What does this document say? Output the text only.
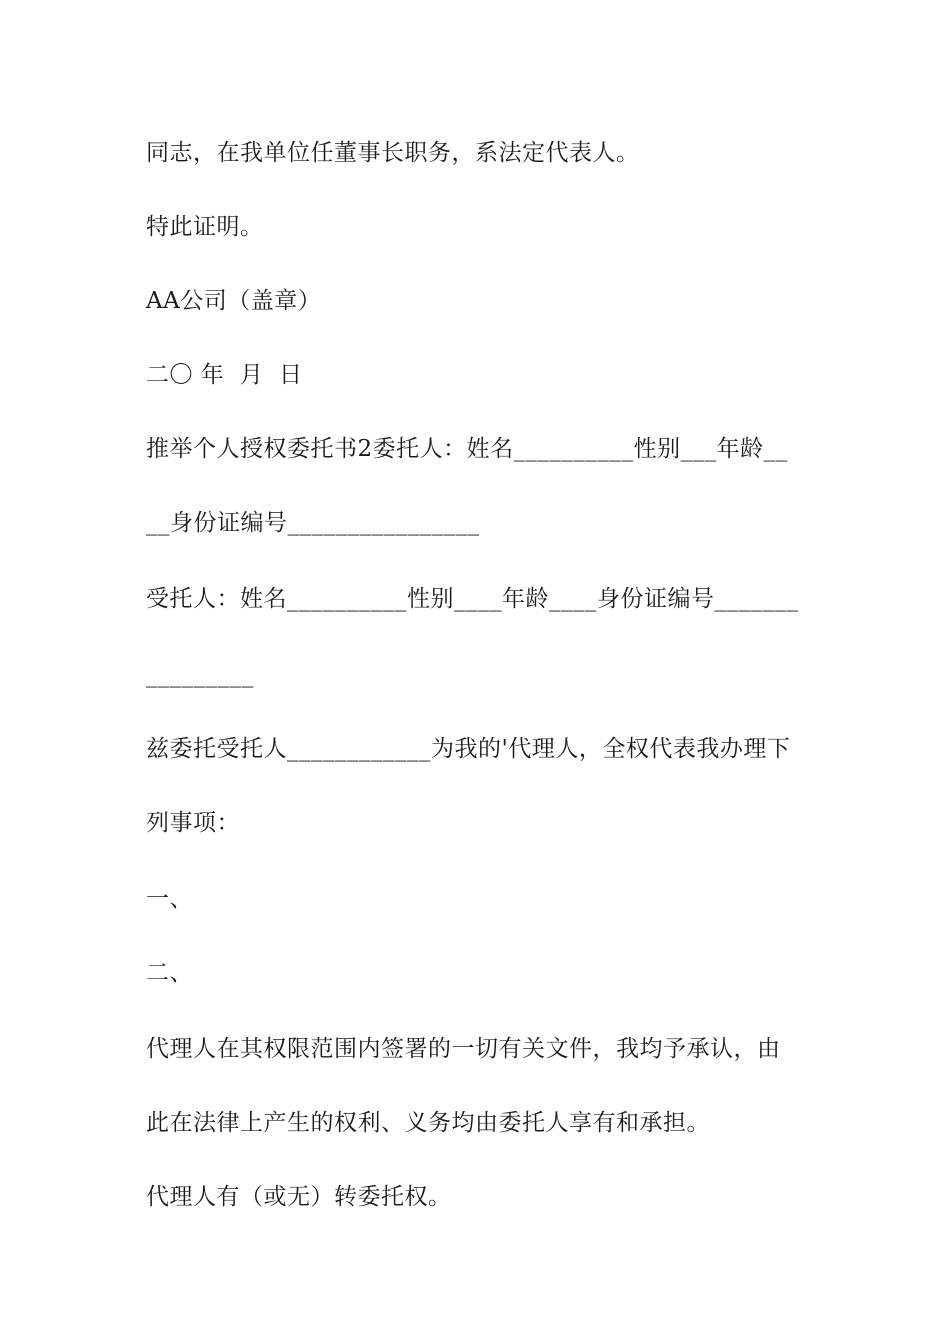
同志，在我单位任董事长职务，系法定代表人。
特此证明。
AA公司（盖章）
二〇 年  月  日
推举个人授权委托书2委托人：姓名__________性别___年龄__
__身份证编号________________
受托人：姓名__________性别____年龄____身份证编号_______
_________
兹委托受托人____________为我的'代理人，全权代表我办理下
列事项：
一、
二、
代理人在其权限范围内签署的一切有关文件，我均予承认，由
此在法律上产生的权利、义务均由委托人享有和承担。
代理人有（或无）转委托权。
